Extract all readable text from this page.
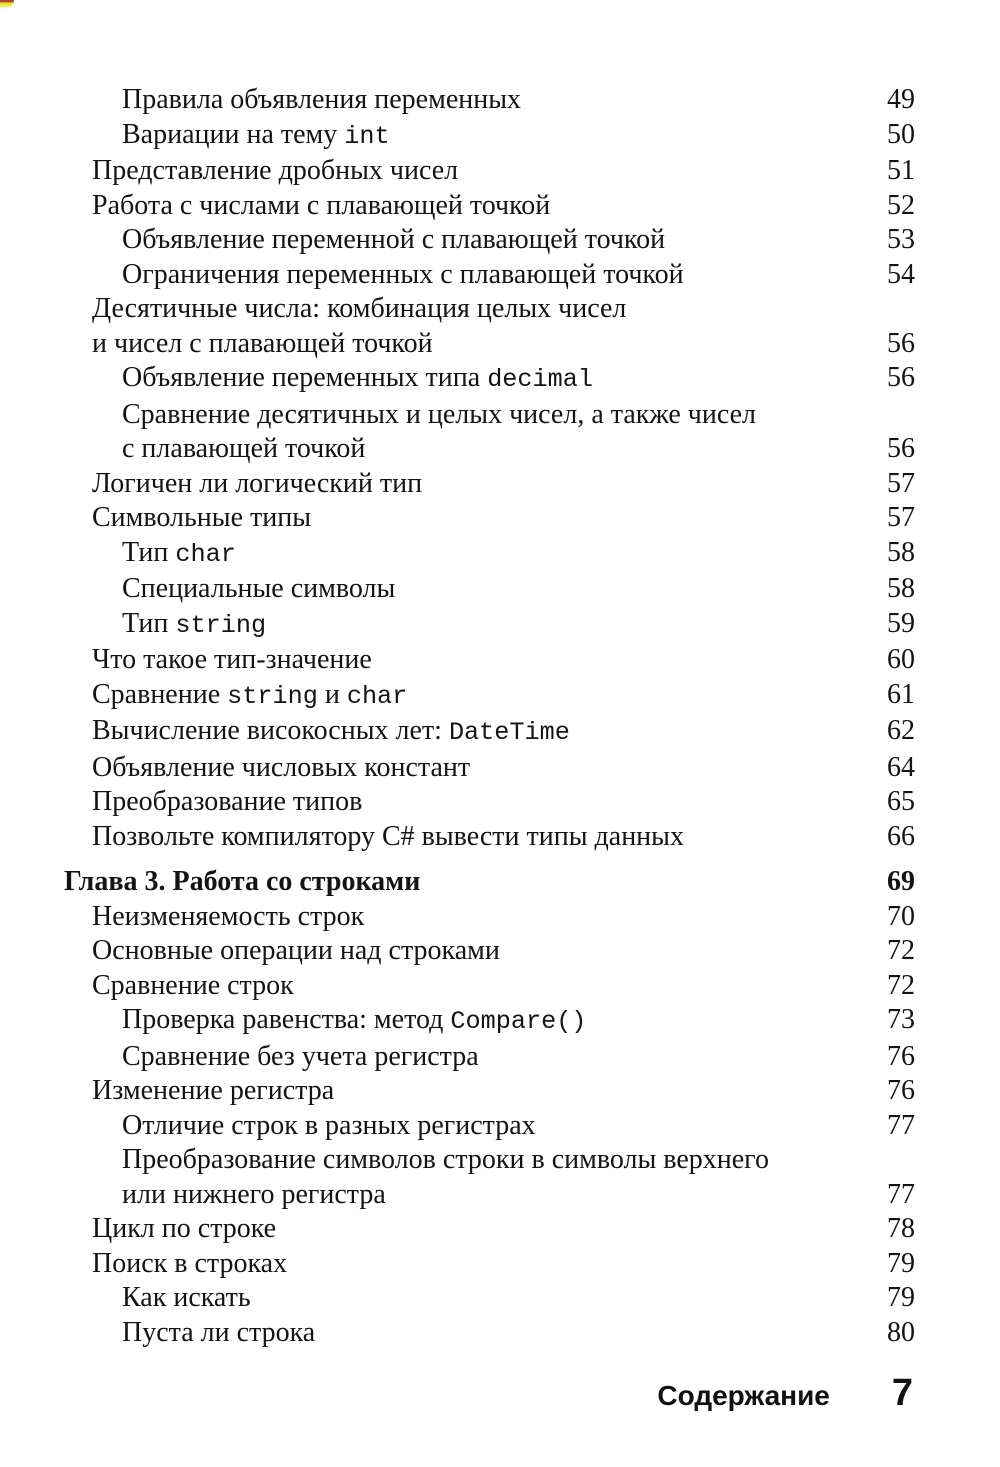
Правила объявления переменных	49
Вариации на тему int	50
Представление дробных чисел	51
Работа с числами с плавающей точкой	52
Объявление переменной с плавающей точкой	53
Ограничения переменных с плавающей точкой	54
Десятичные числа: комбинация целых чисел
и чисел с плавающей точкой	56
Объявление переменных типа decimal	56
Сравнение десятичных и целых чисел, а также чисел
с плавающей точкой	56
Логичен ли логический тип	57
Символьные типы	57
Тип char	58
Специальные символы	58
Тип string	59
Что такое тип-значение	60
Сравнение string и char	61
Вычисление високосных лет: DateTime	62
Объявление числовых констант	64
Преобразование типов	65
Позвольте компилятору C# вывести типы данных	66
Глава 3. Работа со строками	69
Неизменяемость строк	70
Основные операции над строками	72
Сравнение строк	72
Проверка равенства: метод Compare()	73
Сравнение без учета регистра	76
Изменение регистра	76
Отличие строк в разных регистрах	77
Преобразование символов строки в символы верхнего
или нижнего регистра	77
Цикл по строке	78
Поиск в строках	79
Как искать	79
Пуста ли строка	80
Содержание 7
